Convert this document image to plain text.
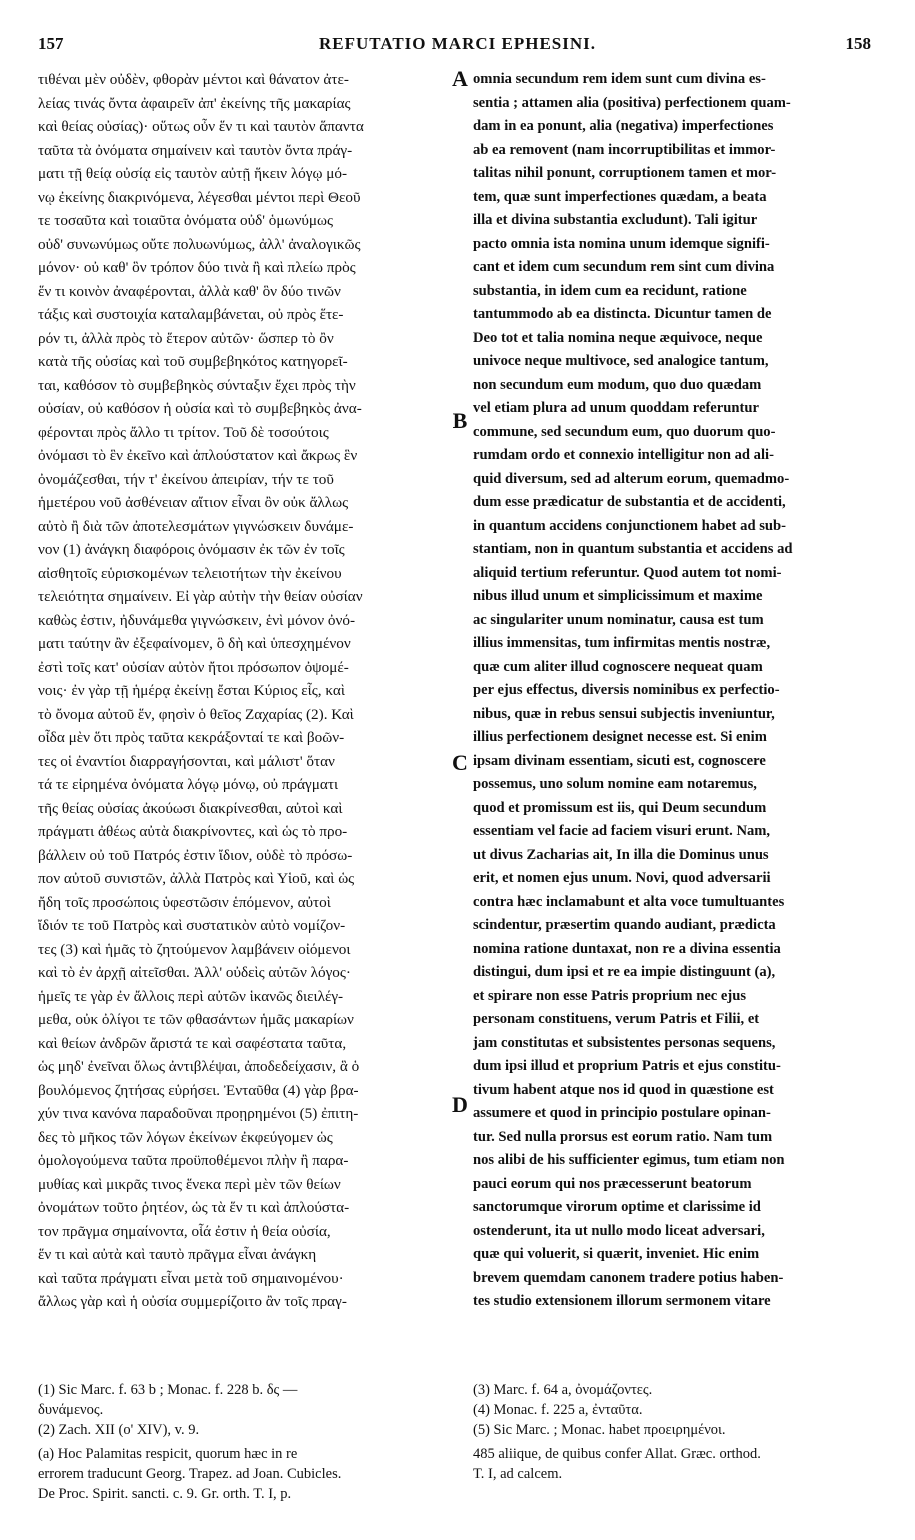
157	REFUTATIO MARCI EPHESINI.	158
τιθέναι μὲν οὐδὲν, φθορὰν μέντοι καὶ θάνατον ἀτε-
λείας τινάς ὄντα ἀφαιρεῖν ἀπ' ἐκείνης τῆς μακαρίας
καὶ θείας οὐσίας)· οὕτως οὖν ἕν τι καὶ ταυτὸν ἅπαντα
ταῦτα τὰ ὀνόματα σημαίνειν καὶ ταυτὸν ὄντα πράγ-
ματι τῇ θείᾳ οὐσίᾳ εἰς ταυτὸν αὐτῇ ἥκειν λόγῳ μό-
νῳ ἐκείνης διακρινόμενα, λέγεσθαι μέντοι περὶ Θεοῦ
τε τοσαῦτα καὶ τοιαῦτα ὀνόματα οὐδ' ὁμωνύμως
οὐδ' συνωνύμως οὔτε πολυωνύμως, ἀλλ' ἀναλογικῶς
μόνον· οὐ καθ' ὃν τρόπον δύο τινὰ ἢ καὶ πλείω πρὸς
ἕν τι κοινὸν ἀναφέρονται, ἀλλὰ καθ' ὃν δύο τινῶν
τάξις καὶ συστοιχία καταλαμβάνεται, οὐ πρὸς ἕτε-
ρόν τι, ἀλλὰ πρὸς τὸ ἕτερον αὐτῶν· ὥσπερ τὸ ὂν
κατὰ τῆς οὐσίας καὶ τοῦ συμβεβηκότος κατηγορεῖ-
ται, καθόσον τὸ συμβεβηκὸς σύνταξιν ἔχει πρὸς τὴν
οὐσίαν, οὐ καθόσον ἡ οὐσία καὶ τὸ συμβεβηκὸς ἀνα-
φέρονται πρὸς ἄλλο τι τρίτον. Τοῦ δὲ τοσούτοις
ὀνόμασι τὸ ἓν ἐκεῖνο καὶ ἁπλούστατον καὶ ἄκρως ἓν
ὀνομάζεσθαι, τήν τ' ἐκείνου ἀπειρίαν, τήν τε τοῦ
ἡμετέρου νοῦ ἀσθένειαν αἴτιον εἶναι ὂν οὐκ ἄλλως
αὐτὸ ἢ διὰ τῶν ἀποτελεσμάτων γιγνώσκειν δυνάμε-
νον (1) ἀνάγκη διαφόροις ὀνόμασιν ἐκ τῶν ἐν τοῖς
αἰσθητοῖς εὑρισκομένων τελειοτήτων τὴν ἐκείνου
τελειότητα σημαίνειν. Εἰ γὰρ αὐτὴν τὴν θείαν οὐσίαν
καθὼς ἐστιν, ἠδυνάμεθα γιγνώσκειν, ἑνὶ μόνον ὀνό-
ματι ταύτην ἂν ἐξεφαίνομεν, ὃ δὴ καὶ ὑπεσχημένον
ἐστὶ τοῖς κατ' οὐσίαν αὐτὸν ἤτοι πρόσωπον ὀψομέ-
νοις· ἐν γὰρ τῇ ἡμέρᾳ ἐκείνῃ ἔσται Κύριος εἷς, καὶ
τὸ ὄνομα αὐτοῦ ἕν, φησὶν ὁ θεῖος Ζαχαρίας (2). Καὶ
οἶδα μὲν ὅτι πρὸς ταῦτα κεκράξονταί τε καὶ βοῶν-
τες οἱ ἐναντίοι διαρραγήσονται, καὶ μάλιστ' ὅταν
τά τε εἰρημένα ὀνόματα λόγῳ μόνῳ, οὐ πράγματι
τῆς θείας οὐσίας ἀκούωσι διακρίνεσθαι, αὐτοὶ καὶ
πράγματι ἀθέως αὐτὰ διακρίνοντες, καὶ ὡς τὸ προ-
βάλλειν οὐ τοῦ Πατρός ἐστιν ἴδιον, οὐδὲ τὸ πρόσω-
πον αὐτοῦ συνιστῶν, ἀλλὰ Πατρὸς καὶ Υἱοῦ, καὶ ὡς
ἤδη τοῖς προσώποις ὑφεστῶσιν ἑπόμενον, αὐτοὶ
ἴδιόν τε τοῦ Πατρὸς καὶ συστατικὸν αὐτὸ νομίζον-
τες (3) καὶ ἡμᾶς τὸ ζητούμενον λαμβάνειν οἰόμενοι
καὶ τὸ ἐν ἀρχῇ αἰτεῖσθαι. Ἀλλ' οὐδεὶς αὐτῶν λόγος·
ἡμεῖς τε γὰρ ἐν ἄλλοις περὶ αὐτῶν ἱκανῶς διειλέγ-
μεθα, οὐκ ὀλίγοι τε τῶν φθασάντων ἡμᾶς μακαρίων
καὶ θείων ἀνδρῶν ἄριστά τε καὶ σαφέστατα ταῦτα,
ὡς μηδ' ἐνεῖναι ὅλως ἀντιβλέψαι, ἀποδεδείχασιν, ἃ ὁ
βουλόμενος ζητήσας εὑρήσει. Ἐνταῦθα (4) γὰρ βρα-
χύν τινα κανόνα παραδοῦναι προῃρημένοι (5) ἐπιτη-
δες τὸ μῆκος τῶν λόγων ἐκείνων ἐκφεύγομεν ὡς
ὁμολογούμενα ταῦτα προϋποθέμενοι πλὴν ἢ παρα-
μυθίας καὶ μικρᾶς τινος ἕνεκα περὶ μὲν τῶν θείων
ὀνομάτων τοῦτο ῥητέον, ὡς τὰ ἕν τι καὶ ἁπλούστα-
τον πρᾶγμα σημαίνοντα, οἷά ἐστιν ἡ θεία οὐσία,
ἕν τι καὶ αὐτὰ καὶ ταυτὸ πρᾶγμα εἶναι ἀνάγκη
καὶ ταῦτα πράγματι εἶναι μετὰ τοῦ σημαινομένου·
ἄλλως γὰρ καὶ ἡ οὐσία συμμερίζοιτο ἂν τοῖς πραγ-
omnia secundum rem idem sunt cum divina es-
sentia ; attamen alia (positiva) perfectionem quam-
dam in ea ponunt, alia (negativa) imperfectiones
ab ea removent (nam incorruptibilitas et immor-
talitas nihil ponunt, corruptionem tamen et mor-
tem, quæ sunt imperfectiones quædam, a beata
illa et divina substantia excludunt). Tali igitur
pacto omnia ista nomina unum idemque signifi-
cant et idem cum secundum rem sint cum divina
substantia, in idem cum ea recidunt, ratione
tantummodo ab ea distincta. Dicuntur tamen de
Deo tot et talia nomina neque æquivoce, neque
univoce neque multivoce, sed analogice tantum,
non secundum eum modum, quo duo quædam
vel etiam plura ad unum quoddam referuntur
commune, sed secundum eum, quo duorum quo-
rumdam ordo et connexio intelligitur non ad ali-
quid diversum, sed ad alterum eorum, quemadmo-
dum esse prædicatur de substantia et de accidenti,
in quantum accidens conjunctionem habet ad sub-
stantiam, non in quantum substantia et accidens ad
aliquid tertium referuntur. Quod autem tot nomi-
nibus illud unum et simplicissimum et maxime
ac singulariter unum nominatur, causa est tum
illius immensitas, tum infirmitas mentis nostræ,
quæ cum aliter illud cognoscere nequeat quam
per ejus effectus, diversis nominibus ex perfectio-
nibus, quæ in rebus sensui subjectis inveniuntur,
illius perfectionem designet necesse est. Si enim
ipsam divinam essentiam, sicuti est, cognoscere
possemus, uno solum nomine eam notaremus,
quod et promissum est iis, qui Deum secundum
essentiam vel facie ad faciem visuri erunt. Nam,
ut divus Zacharias ait, In illa die Dominus unus
erit, et nomen ejus unum. Novi, quod adversarii
contra hæc inclamabunt et alta voce tumultuantes
scindentur, præsertim quando audiant, prædicta
nomina ratione duntaxat, non re a divina essentia
distingui, dum ipsi et re ea impie distinguunt (a),
et spirare non esse Patris proprium nec ejus
personam constituens, verum Patris et Filii, et
jam constitutas et subsistentes personas sequens,
dum ipsi illud et proprium Patris et ejus constitu-
tivum habent atque nos id quod in quæstione est
assumere et quod in principio postulare opinan-
tur. Sed nulla prorsus est eorum ratio. Nam tum
nos alibi de his sufficienter egimus, tum etiam non
pauci eorum qui nos præcesserunt beatorum
sanctorumque virorum optime et clarissime id
ostenderunt, ita ut nullo modo liceat adversari,
quæ qui voluerit, si quærit, inveniet. Hic enim
brevem quemdam canonem tradere potius haben-
tes studio extensionem illorum sermonem vitare
A
B
C
D
(1) Sic Marc. f. 63 b ; Monac. f. 228 b. δς —
δυνάμενος.
(2) Zach. XII (ο' XIV), v. 9.
(a) Hoc Palamitas respicit, quorum hæc in re
errorem traducunt Georg. Trapez. ad Joan. Cubicles.
De Proc. Spirit. sancti. c. 9. Gr. orth. T. I, p.
(3) Marc. f. 64 a, ὀνομάζοντες.
(4) Monac. f. 225 a, ἐνταῦτα.
(5) Sic Marc. ; Monac. habet προειρημένοι.
485 aliique, de quibus confer Allat. Græc. orthod.
T. I, ad calcem.
